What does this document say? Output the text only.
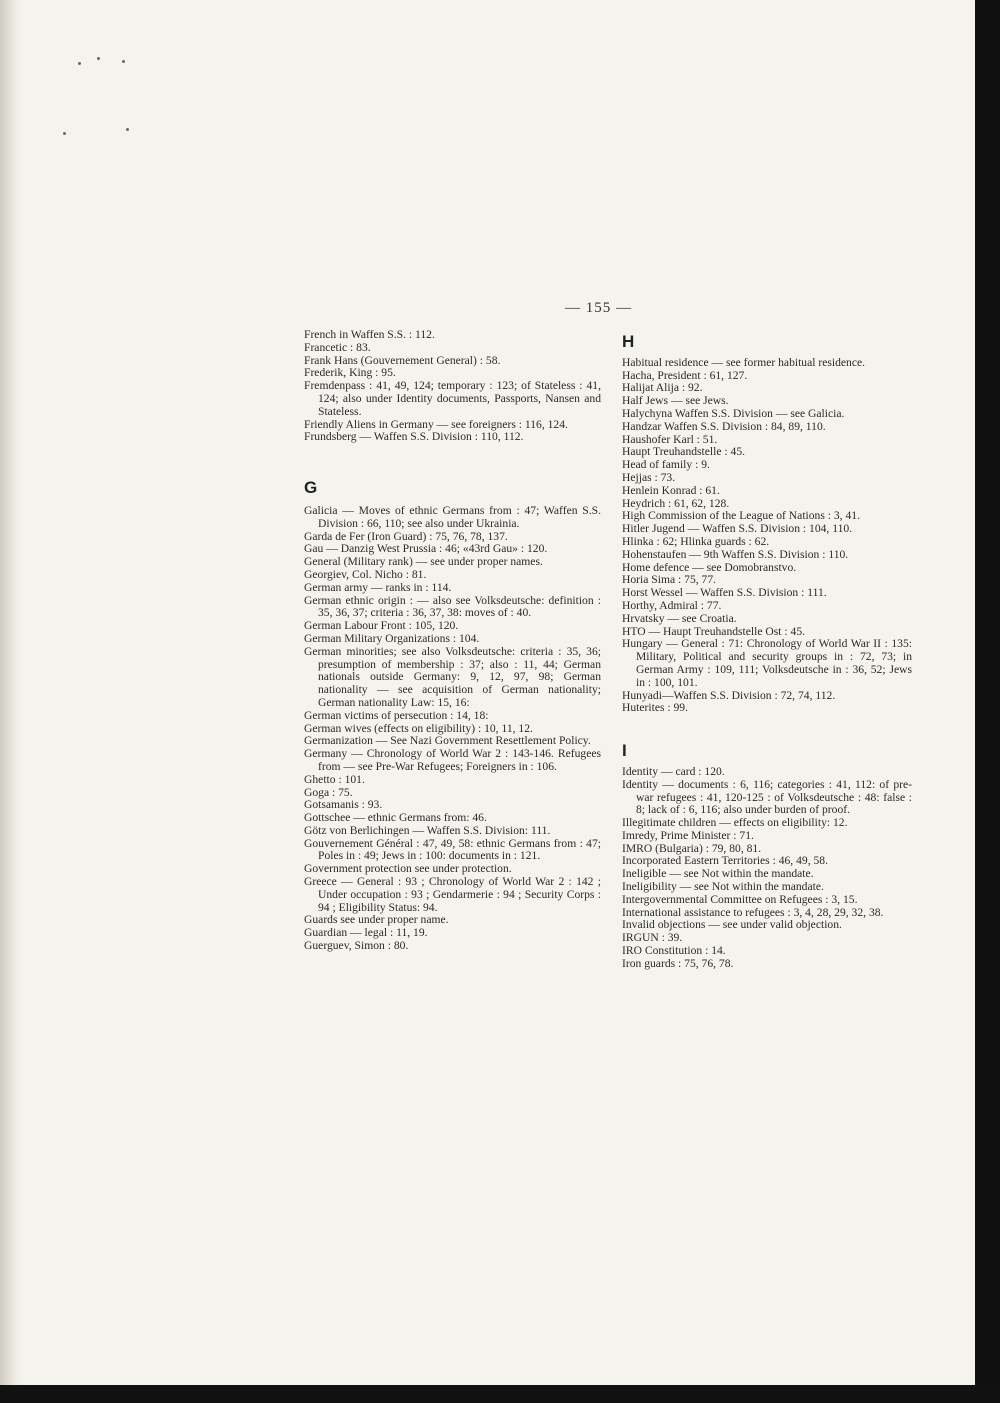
— 155 —

French in Waffen S.S. : 112.

Francetic : 83.

Frank Hans (Gouvernement General) : 58.

Frederik, King : 95.

Fremdenpass : 41, 49, 124; temporary : 123; of Stateless : 41, 124; also under Identity documents, Passports, Nansen and Stateless.

Friendly Aliens in Germany — see foreigners : 116, 124.

Frundsberg — Waffen S.S. Division : 110, 112.

G

Galicia — Moves of ethnic Germans from : 47; Waffen S.S. Division : 66, 110; see also under Ukrainia.

Garda de Fer (Iron Guard) : 75, 76, 78, 137.

Gau — Danzig West Prussia : 46; «43rd Gau» : 120.

General (Military rank) — see under proper names.

Georgiev, Col. Nicho : 81.

German army — ranks in : 114.

German ethnic origin : — also see Volksdeutsche: definition : 35, 36, 37; criteria : 36, 37, 38: moves of : 40.

German Labour Front : 105, 120.

German Military Organizations : 104.

German minorities; see also Volksdeutsche: criteria : 35, 36; presumption of membership : 37; also : 11, 44; German nationals outside Germany: 9, 12, 97, 98; German nationality — see acquisition of German nationality; German nationality Law: 15, 16:

German victims of persecution : 14, 18:

German wives (effects on eligibility) : 10, 11, 12.

Germanization — See Nazi Government Resettlement Policy.

Germany — Chronology of World War 2 : 143-146. Refugees from — see Pre-War Refugees; Foreigners in : 106.

Ghetto : 101.

Goga : 75.

Gotsamanis : 93.

Gottschee — ethnic Germans from: 46.

Götz von Berlichingen — Waffen S.S. Division: 111.

Gouvernement Général : 47, 49, 58: ethnic Germans from : 47; Poles in : 49; Jews in : 100: documents in : 121.

Government protection see under protection.

Greece — General : 93 ; Chronology of World War 2 : 142 ; Under occupation : 93 ; Gendarmerie : 94 ; Security Corps : 94 ; Eligibility Status: 94.

Guards see under proper name.

Guardian — legal : 11, 19.

Guerguev, Simon : 80.

H

Habitual residence — see former habitual residence.

Hacha, President : 61, 127.

Halijat Alija : 92.

Half Jews — see Jews.

Halychyna Waffen S.S. Division — see Galicia.

Handzar Waffen S.S. Division : 84, 89, 110.

Haushofer Karl : 51.

Haupt Treuhandstelle : 45.

Head of family : 9.

Hejjas : 73.

Henlein Konrad : 61.

Heydrich : 61, 62, 128.

High Commission of the League of Nations : 3, 41.

Hitler Jugend — Waffen S.S. Division : 104, 110.

Hlinka : 62; Hlinka guards : 62.

Hohenstaufen — 9th Waffen S.S. Division : 110.

Home defence — see Domobranstvo.

Horia Sima : 75, 77.

Horst Wessel — Waffen S.S. Division : 111.

Horthy, Admiral : 77.

Hrvatsky — see Croatia.

HTO — Haupt Treuhandstelle Ost : 45.

Hungary — General : 71: Chronology of World War II : 135: Military, Political and security groups in : 72, 73; in German Army : 109, 111; Volksdeutsche in : 36, 52; Jews in : 100, 101.

Hunyadi—Waffen S.S. Division : 72, 74, 112.

Huterites : 99.

I

Identity — card : 120.

Identity — documents : 6, 116; categories : 41, 112: of pre-war refugees : 41, 120-125 : of Volksdeutsche : 48: false : 8; lack of : 6, 116; also under burden of proof.

Illegitimate children — effects on eligibility: 12.

Imredy, Prime Minister : 71.

IMRO (Bulgaria) : 79, 80, 81.

Incorporated Eastern Territories : 46, 49, 58.

Ineligible — see Not within the mandate.

Ineligibility — see Not within the mandate.

Intergovernmental Committee on Refugees : 3, 15.

International assistance to refugees : 3, 4, 28, 29, 32, 38.

Invalid objections — see under valid objection.

IRGUN : 39.

IRO Constitution : 14.

Iron guards : 75, 76, 78.
